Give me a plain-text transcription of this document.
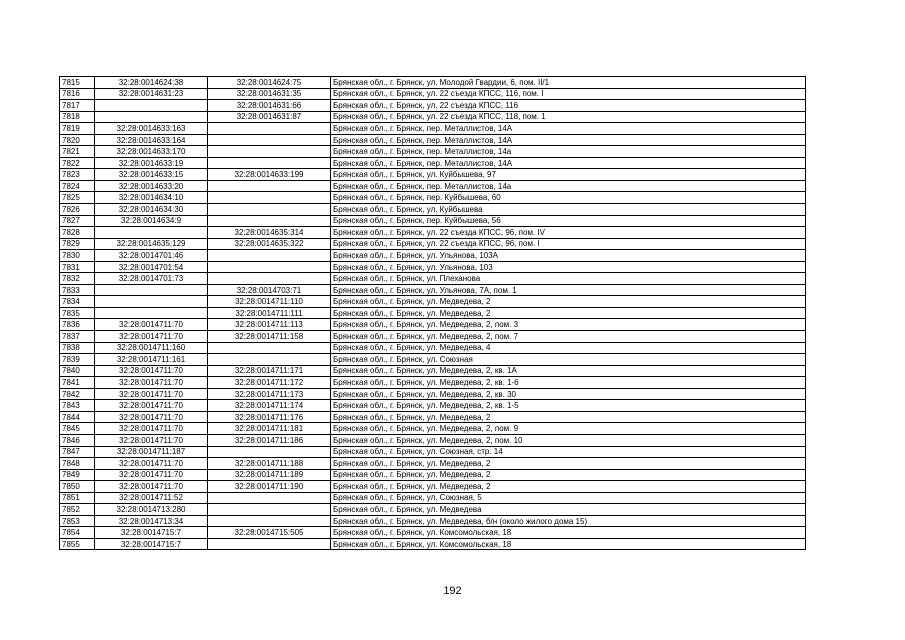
7815	32:28:0014624:38	32:28:0014624:75	Брянская обл., г. Брянск, ул. Молодой Гвардии, 6, пом. II/1
7816	32:28:0014631:23	32:28:0014631:35	Брянская обл., г. Брянск, ул. 22 съезда КПСС, 116, пом. I
7817		32:28:0014631:66	Брянская обл., г. Брянск, ул. 22 съезда КПСС, 116
7818		32:28:0014631:87	Брянская обл., г. Брянск, ул. 22 съезда КПСС, 118, пом. 1
7819	32:28:0014633:163		Брянская обл., г. Брянск, пер. Металлистов, 14А
7820	32:28:0014633:164		Брянская обл., г. Брянск, пер. Металлистов, 14А
7821	32:28:0014633:170		Брянская обл., г. Брянск, пер. Металлистов, 14а
7822	32:28:0014633:19		Брянская обл., г. Брянск, пер. Металлистов, 14А
7823	32:28:0014633:15	32:28:0014633:199	Брянская обл., г. Брянск, ул. Куйбышева, 97
7824	32:28:0014633:20		Брянская обл., г. Брянск, пер. Металлистов, 14а
7825	32:28:0014634:10		Брянская обл., г. Брянск, пер. Куйбышева, 60
7826	32:28:0014634:30		Брянская обл., г. Брянск, ул. Куйбышева
7827	32:28:0014634:9		Брянская обл., г. Брянск, пер. Куйбышева, 56
7828		32:28:0014635:314	Брянская обл., г. Брянск, ул. 22 съезда КПСС, 96, пом. IV
7829	32:28:0014635:129	32:28:0014635:322	Брянская обл., г. Брянск, ул. 22 съезда КПСС, 96, пом. I
7830	32:28:0014701:46		Брянская обл., г. Брянск, ул. Ульянова, 103А
7831	32:28:0014701:54		Брянская обл., г. Брянск, ул. Ульянова, 103
7832	32:28:0014701:73		Брянская обл., г. Брянск, ул. Плеханова
7833		32:28:0014703:71	Брянская обл., г. Брянск, ул. Ульянова, 7А, пом. 1
7834		32:28:0014711:110	Брянская обл., г. Брянск, ул. Медведева, 2
7835		32:28:0014711:111	Брянская обл., г. Брянск, ул. Медведева, 2
7836	32:28:0014711:70	32:28:0014711:113	Брянская обл., г. Брянск, ул. Медведева, 2, пом. 3
7837	32:28:0014711:70	32:28:0014711:158	Брянская обл., г. Брянск, ул. Медведева, 2, пом. 7
7838	32:28:0014711:160		Брянская обл., г. Брянск, ул. Медведева, 4
7839	32:28:0014711:161		Брянская обл., г. Брянск, ул. Союзная
7840	32:28:0014711:70	32:28:0014711:171	Брянская обл., г. Брянск, ул. Медведева, 2, кв. 1А
7841	32:28:0014711:70	32:28:0014711:172	Брянская обл., г. Брянск, ул. Медведева, 2, кв. 1-6
7842	32:28:0014711:70	32:28:0014711:173	Брянская обл., г. Брянск, ул. Медведева, 2, кв. 30
7843	32:28:0014711:70	32:28:0014711:174	Брянская обл., г. Брянск, ул. Медведева, 2, кв. 1-5
7844	32:28:0014711:70	32:28:0014711:176	Брянская обл., г. Брянск, ул. Медведева, 2
7845	32:28:0014711:70	32:28:0014711:181	Брянская обл., г. Брянск, ул. Медведева, 2, пом. 9
7846	32:28:0014711:70	32:28:0014711:186	Брянская обл., г. Брянск, ул. Медведева, 2, пом. 10
7847	32:28:0014711:187		Брянская обл., г. Брянск, ул. Союзная, стр. 14
7848	32:28:0014711:70	32:28:0014711:188	Брянская обл., г. Брянск, ул. Медведева, 2
7849	32:28:0014711:70	32:28:0014711:189	Брянская обл., г. Брянск, ул. Медведева, 2
7850	32:28:0014711:70	32:28:0014711:190	Брянская обл., г. Брянск, ул. Медведева, 2
7851	32:28:0014711:52		Брянская обл., г. Брянск, ул. Союзная, 5
7852	32:28:0014713:280		Брянская обл., г. Брянск, ул. Медведева
7853	32:28:0014713:34		Брянская обл., г. Брянск, ул. Медведева, б/н (около жилого дома 15)
7854	32:28:0014715:7	32:28:0014715:505	Брянская обл., г. Брянск, ул. Комсомольская, 18
7855	32:28:0014715:7		Брянская обл., г. Брянск, ул. Комсомольская, 18
192
